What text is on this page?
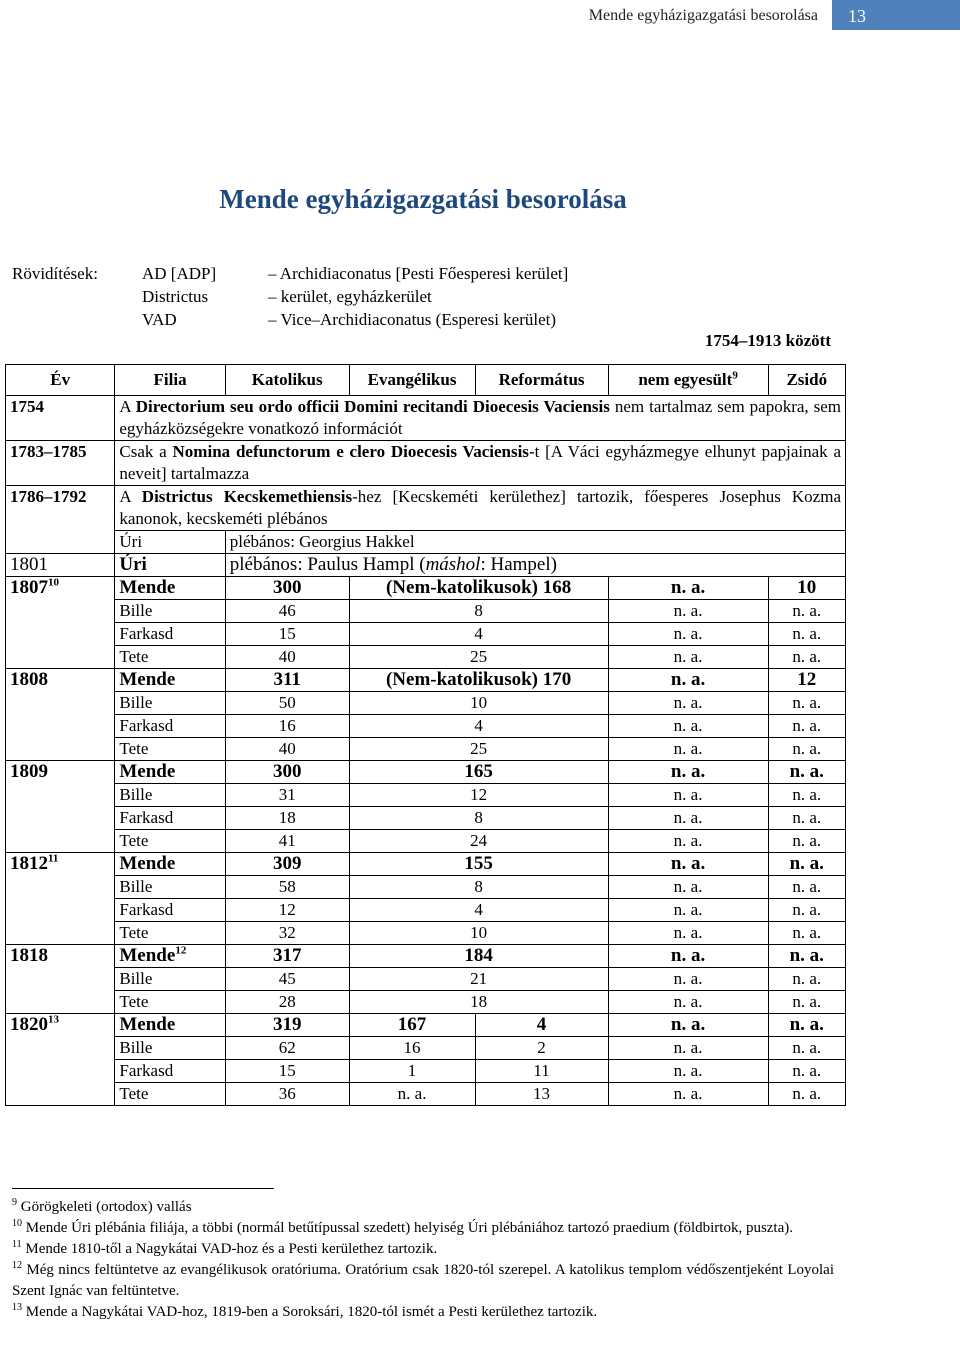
Mende egyházigazgatási besorolása	13
Mende egyházigazgatási besorolása
Rövidítések:	AD [ADP]	– Archidiaconatus [Pesti Főesperesi kerület]
Districtus	– kerület, egyházkerület
VAD	– Vice–Archidiaconatus (Esperesi kerület)
1754–1913 között
Év	Filia	Katolikus	Evangélikus	Református	nem egyesült$^9$	Zsidó
1754	A Directorium seu ordo officii Domini recitandi Dioecesis Vaciensis nem tartalmaz sem papokra, sem egyházközségekre vonatkozó információt					
1783–1785	Csak a Nomina defunctorum e clero Dioecesis Vaciensis-t [A Váci egyházmegye elhunyt papjainak a neveit] tartalmazza					
1786–1792	A Districtus Kecskemethiensis-hez [Kecskeméti kerülethez] tartozik, főesperes Josephus Kozma kanonok, kecskeméti plébános					
	Úri	plébános: Georgius Hakkel				
1801	Úri	plébános: Paulus Hampl (máshol: Hampel)				
1807$^{10}$	Mende	300	(Nem-katolikusok) 168		n. a.	10
	Bille	46	8		n. a.	n. a.
	Farkasd	15	4		n. a.	n. a.
	Tete	40	25		n. a.	n. a.
1808	Mende	311	(Nem-katolikusok) 170		n. a.	12
	Bille	50	10		n. a.	n. a.
	Farkasd	16	4		n. a.	n. a.
	Tete	40	25		n. a.	n. a.
1809	Mende	300	165		n. a.	n. a.
	Bille	31	12		n. a.	n. a.
	Farkasd	18	8		n. a.	n. a.
	Tete	41	24		n. a.	n. a.
1812$^{11}$	Mende	309	155		n. a.	n. a.
	Bille	58	8		n. a.	n. a.
	Farkasd	12	4		n. a.	n. a.
	Tete	32	10		n. a.	n. a.
1818	Mende$^{12}$	317	184		n. a.	n. a.
	Bille	45	21		n. a.	n. a.
	Tete	28	18		n. a.	n. a.
1820$^{13}$	Mende	319	167	4	n. a.	n. a.
	Bille	62	16	2	n. a.	n. a.
	Farkasd	15	1	11	n. a.	n. a.
	Tete	36	n. a.	13	n. a.	n. a.

$^9$ Görögkeleti (ortodox) vallás

$^{10}$ Mende Úri plébánia filiája, a többi (normál betűtípussal szedett) helyiség Úri plébániához tartozó praedium (földbirtok, puszta).

$^{11}$ Mende 1810-től a Nagykátai VAD-hoz és a Pesti kerülethez tartozik.

$^{12}$ Még nincs feltüntetve az evangélikusok oratóriuma. Oratórium csak 1820-tól szerepel. A katolikus templom védőszentjeként Loyolai Szent Ignác van feltüntetve.

$^{13}$ Mende a Nagykátai VAD-hoz, 1819-ben a Soroksári, 1820-tól ismét a Pesti kerülethez tartozik.
